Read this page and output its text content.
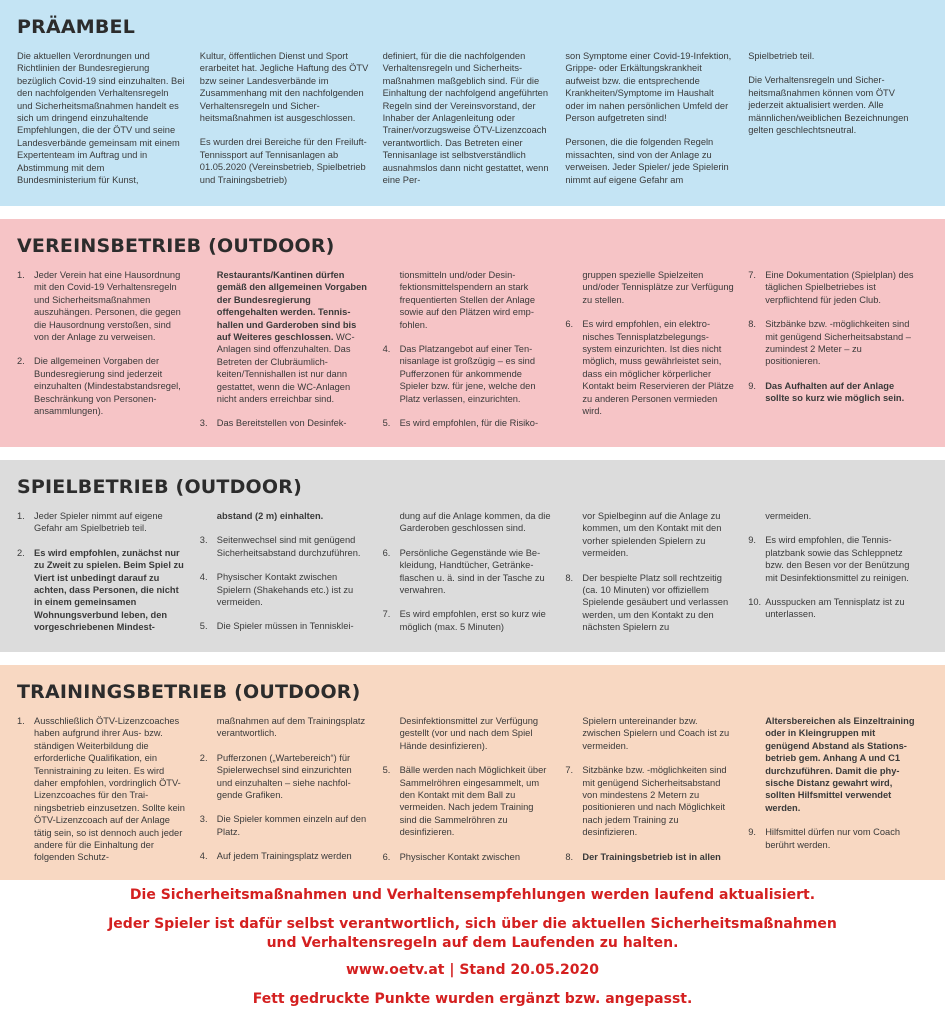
PRÄAMBEL

Die aktuellen Verordnungen und Richtlinien der Bundesregierung bezüglich Covid-19 sind einzuhalten. Bei den nachfolgenden Verhaltensregeln und Sicherheitsmaßnahmen handelt es sich um dringend einzuhaltende Empfehlungen, die der ÖTV und seine Landesverbände gemeinsam mit einem Expertenteam im Auftrag und in Abstimmung mit dem Bundesministerium für Kunst,

Kultur, öffentlichen Dienst und Sport erarbeitet hat. Jegliche Haftung des ÖTV bzw seiner Landesverbände im Zusammenhang mit den nachfolgenden Verhaltensregeln und Sicherheitsmaßnahmen ist ausgeschlossen.

Es wurden drei Bereiche für den Freiluft-Tennissport auf Tennisanlagen ab 01.05.2020 (Vereinsbetrieb, Spielbetrieb und Trainingsbetrieb)

definiert, für die die nachfolgenden Verhaltensregeln und Sicherheitsmaßnahmen maßgeblich sind. Für die Einhaltung der nachfolgend angeführten Regeln sind der Vereinsvorstand, der Inhaber der Anlagenleitung oder Trainer/vorzugsweise ÖTV-Lizenzcoach verantwortlich. Das Betreten einer Tennisanlage ist selbstverständlich ausnahmslos dann nicht gestattet, wenn eine Per-

son Symptome einer Covid-19-Infektion, Grippe- oder Erkältungskrankheit aufweist bzw. die entsprechende Krankheiten/Symptome im Haushalt oder im nahen persönlichen Umfeld der Person aufgetreten sind!

Personen, die die folgenden Regeln missachten, sind von der Anlage zu verweisen. Jeder Spieler/ jede Spielerin nimmt auf eigene Gefahr am

Spielbetrieb teil.

Die Verhaltensregeln und Sicherheitsmaßnahmen können vom ÖTV jederzeit aktualisiert werden. Alle männlichen/weiblichen Bezeichnungen gelten geschlechtsneutral.

VEREINSBETRIEB (OUTDOOR)
1. Jeder Verein hat eine Hausordnung mit den Covid-19 Verhaltensregeln und Sicherheitsmaßnahmen auszuhängen. Personen, die gegen die Hausordnung verstoßen, sind von der Anlage zu verweisen.
2. Die allgemeinen Vorgaben der Bundesregierung sind jederzeit einzuhalten (Mindestabstandsregel, Beschränkung von Personenansammlungen).
Restaurants/Kantinen dürfen gemäß den allgemeinen Vorgaben der Bundesregierung offengehalten werden. Tennishallen und Garderoben sind bis auf Weiteres geschlossen. WC-Anlagen sind offenzuhalten. Das Betreten der Clubräumlichkeiten/Tennishallen ist nur dann gestattet, wenn die WC-Anlagen nicht anders erreichbar sind.
3. Das Bereitstellen von Desinfek-
tionsmitteln und/oder Desinfektionsmittelspendern an stark frequentierten Stellen der Anlage sowie auf den Plätzen wird empfohlen.
4. Das Platzangebot auf einer Tennisanlage ist großzügig – es sind Pufferzonen für ankommende Spieler bzw. für jene, welche den Platz verlassen, einzurichten.
5. Es wird empfohlen, für die Risiko-
gruppen spezielle Spielzeiten und/oder Tennisplätze zur Verfügung zu stellen.
6. Es wird empfohlen, ein elektronisches Tennisplatzbelegungssystem einzurichten. Ist dies nicht möglich, muss gewährleistet sein, dass ein möglicher körperlicher Kontakt beim Reservieren der Plätze zu anderen Personen vermieden wird.
7. Eine Dokumentation (Spielplan) des täglichen Spielbetriebes ist verpflichtend für jeden Club.
8. Sitzbänke bzw. -möglichkeiten sind mit genügend Sicherheitsabstand – zumindest 2 Meter – zu positionieren.
9. Das Aufhalten auf der Anlage sollte so kurz wie möglich sein.
SPIELBETRIEB (OUTDOOR)
1. Jeder Spieler nimmt auf eigene Gefahr am Spielbetrieb teil.
2. Es wird empfohlen, zunächst nur zu Zweit zu spielen. Beim Spiel zu Viert ist unbedingt darauf zu achten, dass Personen, die nicht in einem gemeinsamen Wohnungsverbund leben, den vorgeschriebenen Mindest-
abstand (2 m) einhalten.
3. Seitenwechsel sind mit genügend Sicherheitsabstand durchzuführen.
4. Physischer Kontakt zwischen Spielern (Shakehands etc.) ist zu vermeiden.
5. Die Spieler müssen in Tennisklei-
dung auf die Anlage kommen, da die Garderoben geschlossen sind.
6. Persönliche Gegenstände wie Bekleidung, Handtücher, Getränkeflaschen u. ä. sind in der Tasche zu verwahren.
7. Es wird empfohlen, erst so kurz wie möglich (max. 5 Minuten)
vor Spielbeginn auf die Anlage zu kommen, um den Kontakt mit den vorher spielenden Spielern zu vermeiden.
8. Der bespielte Platz soll rechtzeitig (ca. 10 Minuten) vor offiziellem Spielende gesäubert und verlassen werden, um den Kontakt zu den nächsten Spielern zu
vermeiden.
9. Es wird empfohlen, die Tennisplatzbank sowie das Schleppnetz bzw. den Besen vor der Benützung mit Desinfektionsmittel zu reinigen.
10. Ausspucken am Tennisplatz ist zu unterlassen.
TRAININGSBETRIEB (OUTDOOR)
1. Ausschließlich ÖTV-Lizenzcoaches haben aufgrund ihrer Aus- bzw. ständigen Weiterbildung die erforderliche Qualifikation, ein Tennistraining zu leiten. Es wird daher empfohlen, vordringlich ÖTV-Lizenzcoaches für den Trainingsbetrieb einzusetzen. Sollte kein ÖTV-Lizenzcoach auf der Anlage tätig sein, so ist dennoch auch jeder andere für die Einhaltung der folgenden Schutz-
maßnahmen auf dem Trainingsplatz verantwortlich.
2. Pufferzonen („Wartebereich“) für Spielerwechsel sind einzurichten und einzuhalten – siehe nachfolgende Grafiken.
3. Die Spieler kommen einzeln auf den Platz.
4. Auf jedem Trainingsplatz werden
Desinfektionsmittel zur Verfügung gestellt (vor und nach dem Spiel Hände desinfizieren).
5. Bälle werden nach Möglichkeit über Sammelröhren eingesammelt, um den Kontakt mit dem Ball zu vermeiden. Nach jedem Training sind die Sammelröhren zu desinfizieren.
6. Physischer Kontakt zwischen
Spielern untereinander bzw. zwischen Spielern und Coach ist zu vermeiden.
7. Sitzbänke bzw. -möglichkeiten sind mit genügend Sicherheitsabstand von mindestens 2 Metern zu positionieren und nach Möglichkeit nach jedem Training zu desinfizieren.
8. Der Trainingsbetrieb ist in allen
Altersbereichen als Einzeltraining oder in Kleingruppen mit genügend Abstand als Stationsbetrieb gem. Anhang A und C1 durchzuführen. Damit die physische Distanz gewahrt wird, sollten Hilfsmittel verwendet werden.
9. Hilfsmittel dürfen nur vom Coach berührt werden.
Die Sicherheitsmaßnahmen und Verhaltensempfehlungen werden laufend aktualisiert.
Jeder Spieler ist dafür selbst verantwortlich, sich über die aktuellen Sicherheitsmaßnahmen
und Verhaltensregeln auf dem Laufenden zu halten.
www.oetv.at | Stand 20.05.2020
Fett gedruckte Punkte wurden ergänzt bzw. angepasst.
